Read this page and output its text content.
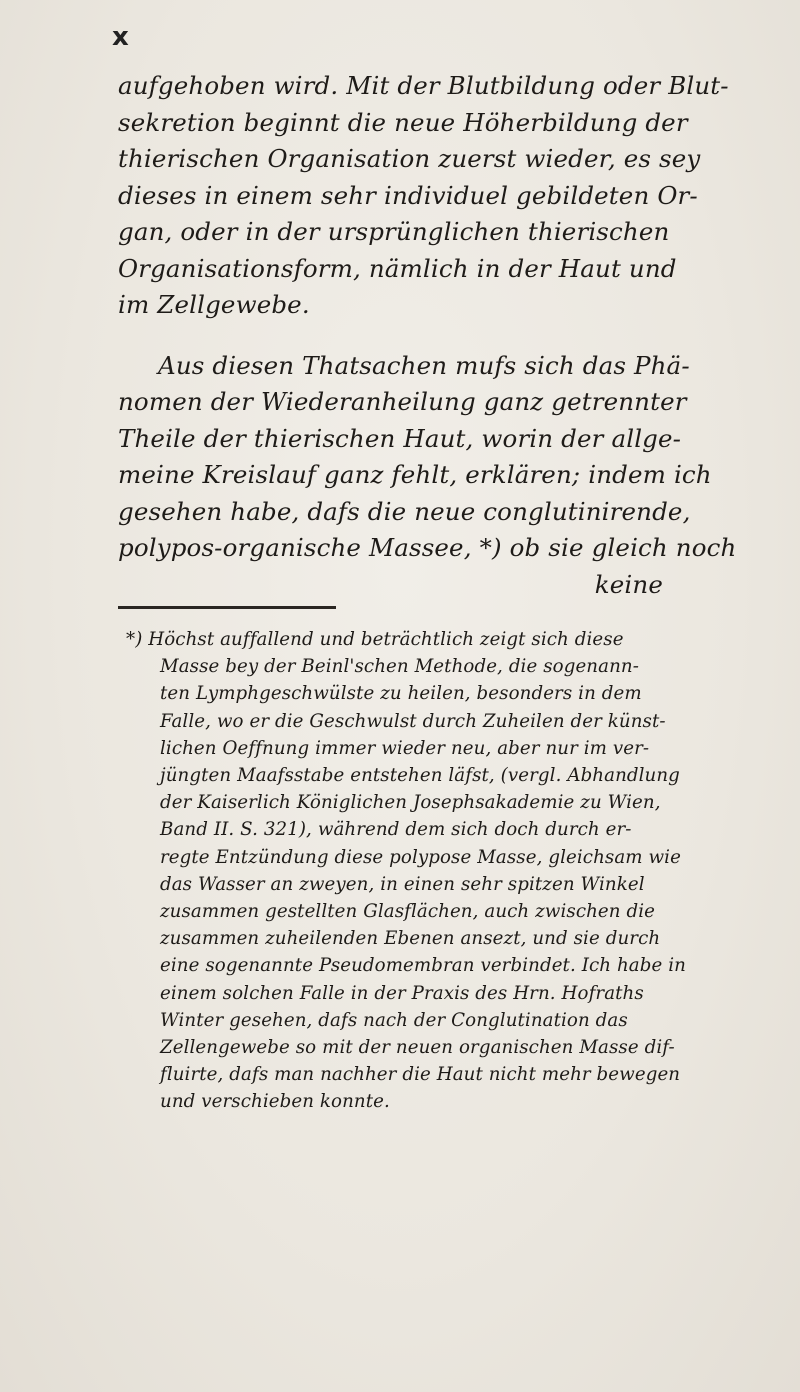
x
aufgehoben wird. Mit der Blutbildung oder Blut-
sekretion beginnt die neue Höherbildung der
thierischen Organisation zuerst wieder, es sey
dieses in einem sehr individuel gebildeten Or-
gan, oder in der ursprünglichen thierischen
Organisationsform, nämlich in der Haut und
im Zellgewebe.
Aus diesen Thatsachen mufs sich das Phä-
nomen der Wiederanheilung ganz getrennter
Theile der thierischen Haut, worin der allge-
meine Kreislauf ganz fehlt, erklären; indem ich
gesehen habe, dafs die neue conglutinirende,
polypos-organische Massee, *) ob sie gleich noch
keine
*) Höchst auffallend und beträchtlich zeigt sich diese
Masse bey der Beinl'schen Methode, die sogenann-
ten Lymphgeschwülste zu heilen, besonders in dem
Falle, wo er die Geschwulst durch Zuheilen der künst-
lichen Oeffnung immer wieder neu, aber nur im ver-
jüngten Maafsstabe entstehen läfst, (vergl. Abhandlung
der Kaiserlich Königlichen Josephsakademie zu Wien,
Band II. S. 321), während dem sich doch durch er-
regte Entzündung diese polypose Masse, gleichsam wie
das Wasser an zweyen, in einen sehr spitzen Winkel
zusammen gestellten Glasflächen, auch zwischen die
zusammen zuheilenden Ebenen ansezt, und sie durch
eine sogenannte Pseudomembran verbindet. Ich habe in
einem solchen Falle in der Praxis des Hrn. Hofraths
Winter gesehen, dafs nach der Conglutination das
Zellengewebe so mit der neuen organischen Masse dif-
fluirte, dafs man nachher die Haut nicht mehr bewegen
und verschieben konnte.
